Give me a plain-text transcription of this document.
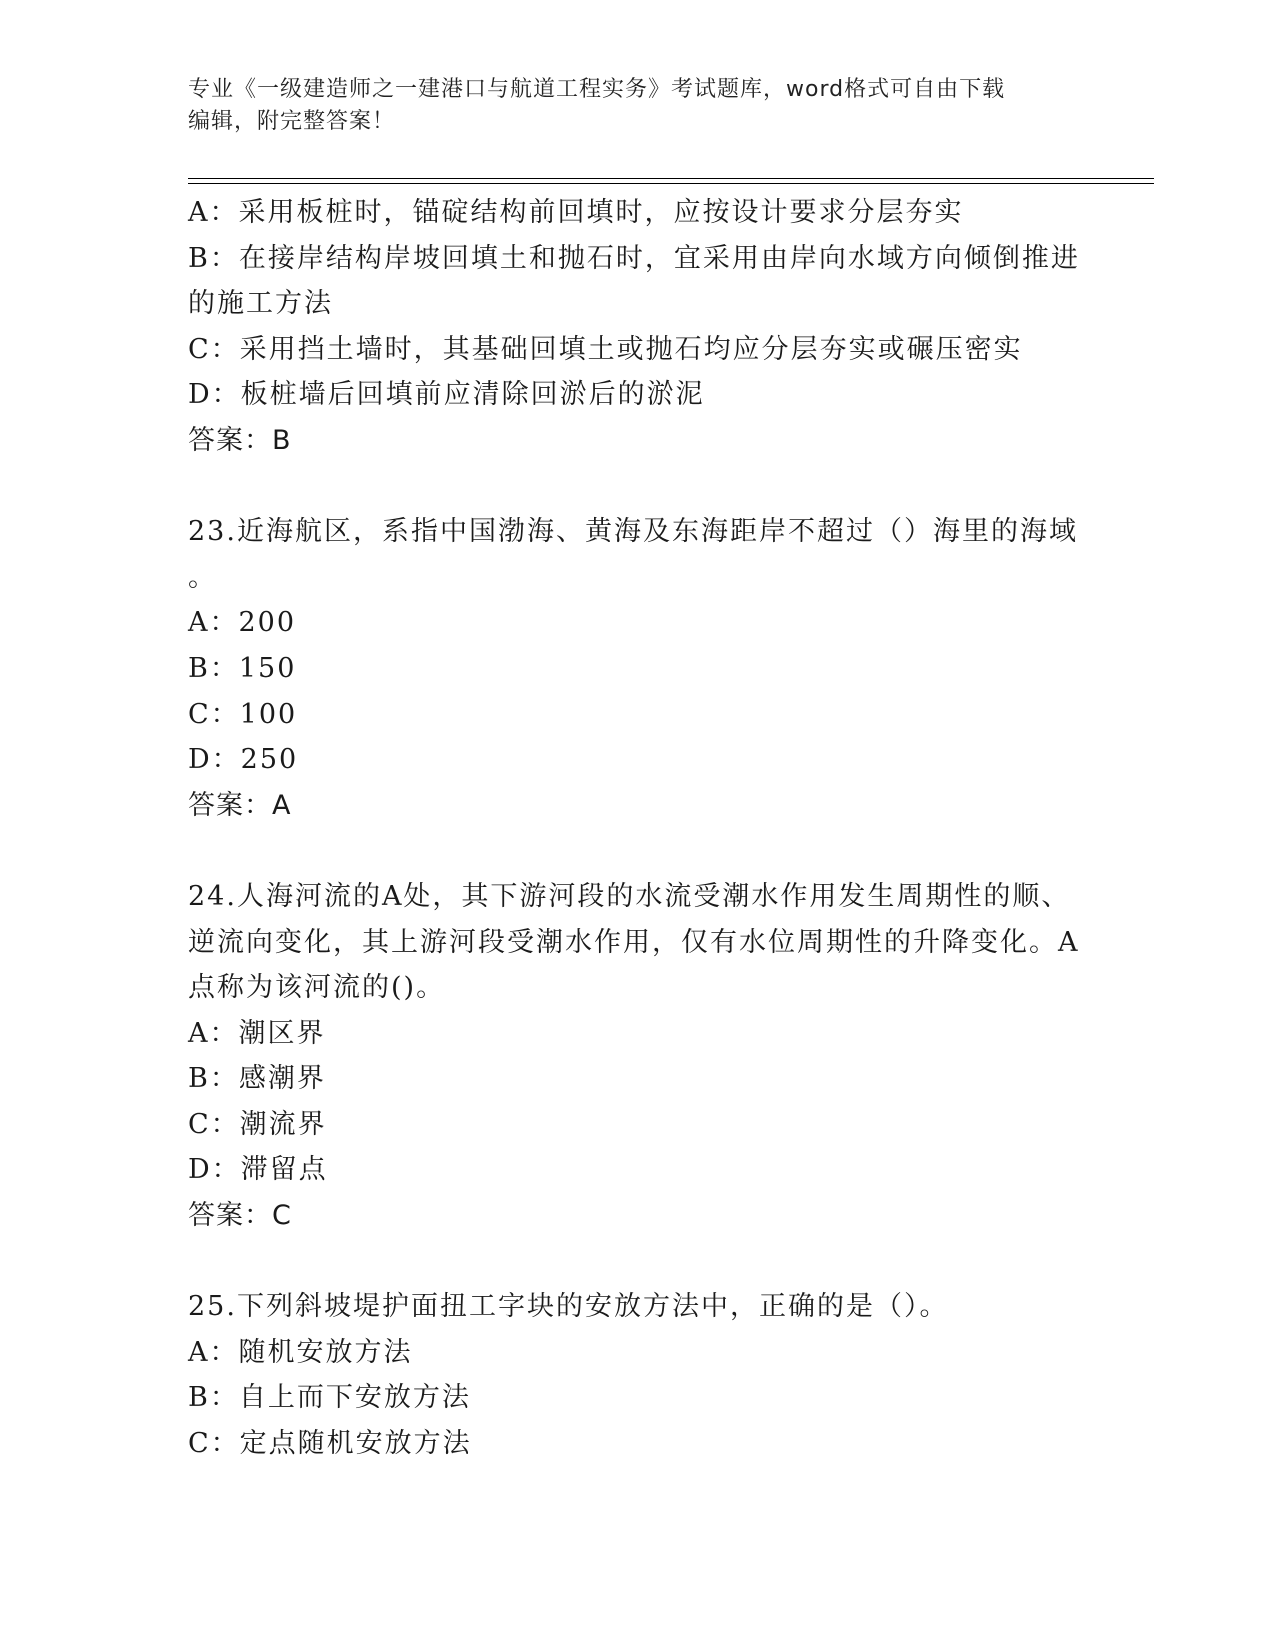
专业《一级建造师之一建港口与航道工程实务》考试题库，word格式可自由下载
编辑，附完整答案！
A：采用板桩时，锚碇结构前回填时，应按设计要求分层夯实
B：在接岸结构岸坡回填土和抛石时，宜采用由岸向水域方向倾倒推进
的施工方法
C：采用挡土墙时，其基础回填土或抛石均应分层夯实或碾压密实
D：板桩墙后回填前应清除回淤后的淤泥
答案：B
23.近海航区，系指中国渤海、黄海及东海距岸不超过（）海里的海域
。
A：200
B：150
C：100
D：250
答案：A
24.人海河流的A处，其下游河段的水流受潮水作用发生周期性的顺、
逆流向变化，其上游河段受潮水作用，仅有水位周期性的升降变化。A
点称为该河流的()。
A：潮区界
B：感潮界
C：潮流界
D：滞留点
答案：C
25.下列斜坡堤护面扭工字块的安放方法中，正确的是（）。
A：随机安放方法
B：自上而下安放方法
C：定点随机安放方法
